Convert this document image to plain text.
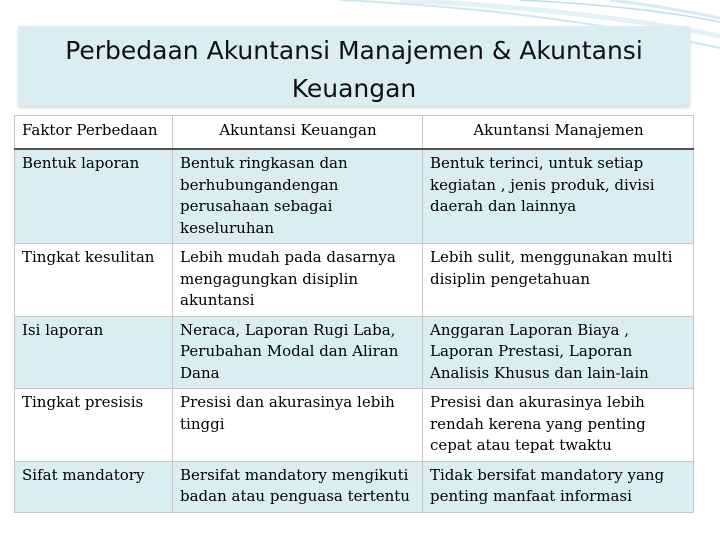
Perbedaan Akuntansi Manajemen & Akuntansi Keuangan
Faktor Perbedaan	Akuntansi Keuangan	Akuntansi Manajemen
Bentuk laporan	Bentuk ringkasan dan berhubungandengan perusahaan sebagai keseluruhan	Bentuk terinci, untuk setiap kegiatan , jenis produk, divisi daerah dan lainnya
Tingkat kesulitan	Lebih mudah pada dasarnya mengagungkan disiplin akuntansi	Lebih sulit, menggunakan multi disiplin pengetahuan
Isi laporan	Neraca, Laporan Rugi Laba, Perubahan Modal dan Aliran Dana	Anggaran Laporan Biaya , Laporan Prestasi, Laporan Analisis Khusus dan lain-lain
Tingkat presisis	Presisi dan akurasinya lebih tinggi	Presisi dan akurasinya lebih rendah kerena yang penting cepat atau tepat twaktu
Sifat mandatory	Bersifat mandatory mengikuti badan atau penguasa tertentu	Tidak bersifat mandatory yang penting manfaat informasi
